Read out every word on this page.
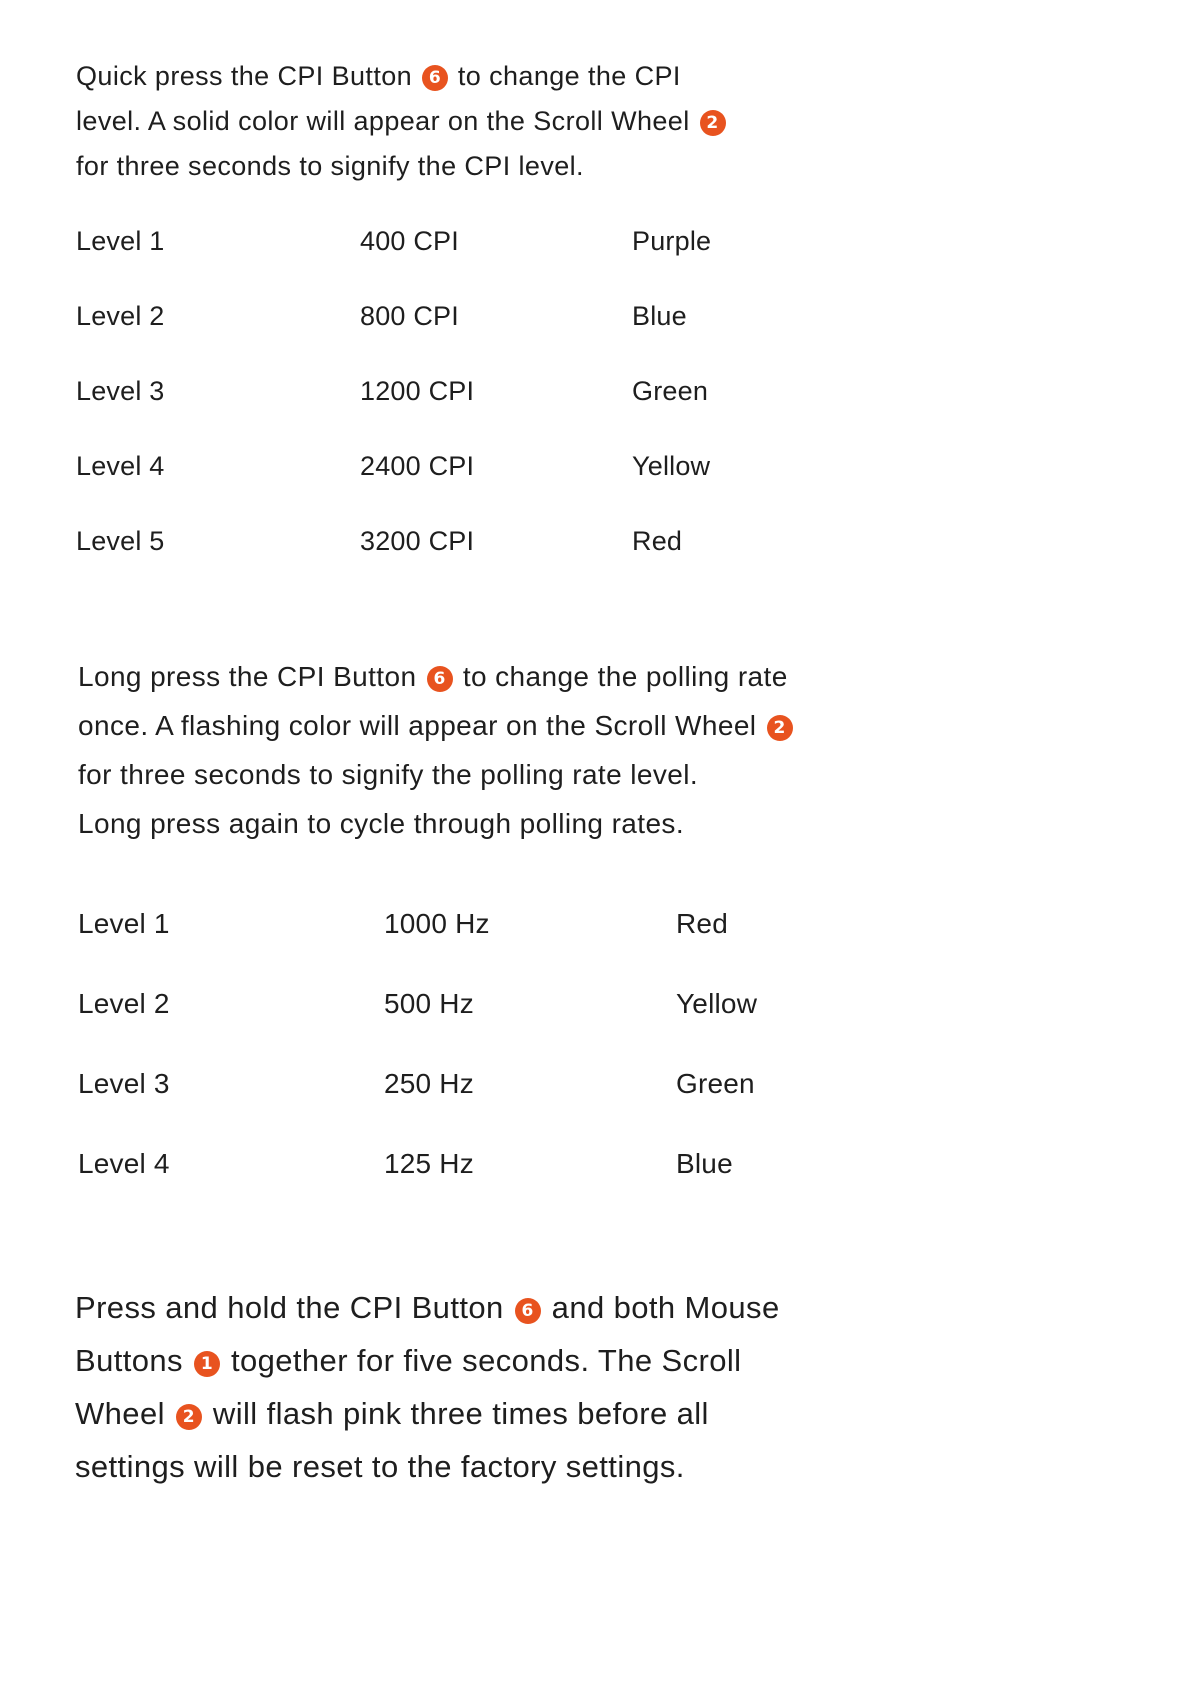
Quick press the CPI Button 6 to change the CPI level. A solid color will appear on the Scroll Wheel 2 for three seconds to signify the CPI level.

Level 1	400 CPI	Purple
Level 2	800 CPI	Blue
Level 3	1200 CPI	Green
Level 4	2400 CPI	Yellow
Level 5	3200 CPI	Red

Long press the CPI Button 6 to change the polling rate once. A flashing color will appear on the Scroll Wheel 2 for three seconds to signify the polling rate level.
Long press again to cycle through polling rates.

Level 1	1000 Hz	Red
Level 2	500 Hz	Yellow
Level 3	250 Hz	Green
Level 4	125 Hz	Blue

Press and hold the CPI Button 6 and both Mouse Buttons 1 together for five seconds. The Scroll Wheel 2 will flash pink three times before all settings will be reset to the factory settings.
